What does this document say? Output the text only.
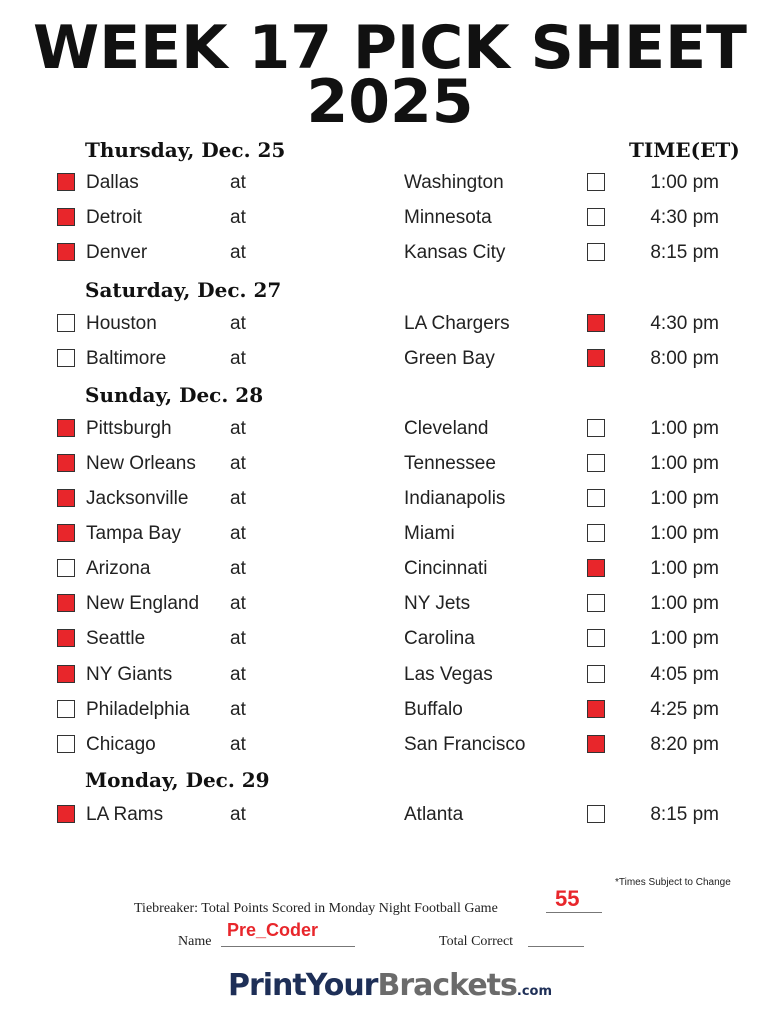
WEEK 17 PICK SHEET
2025
TIME(ET)
Thursday, Dec. 25
Dallas	at	Washington	1:00 pm
Detroit	at	Minnesota	4:30 pm
Denver	at	Kansas City	8:15 pm
Saturday, Dec. 27
Houston	at	LA Chargers	4:30 pm
Baltimore	at	Green Bay	8:00 pm
Sunday, Dec. 28
Pittsburgh	at	Cleveland	1:00 pm
New Orleans at	Tennessee	1:00 pm
Jacksonville at	Indianapolis	1:00 pm
Tampa Bay	at	Miami	1:00 pm
Arizona	at	Cincinnati	1:00 pm
New England at	NY Jets	1:00 pm
Seattle	at	Carolina	1:00 pm
NY Giants	at	Las Vegas	4:05 pm
Philadelphia at	Buffalo	4:25 pm
Chicago	at	San Francisco	8:20 pm
Monday, Dec. 29
LA Rams	at	Atlanta	8:15 pm
*Times Subject to Change
Tiebreaker: Total Points Scored in Monday Night Football Game	55
Name
Pre_Coder
Total Correct
PrintYourBrackets.com
